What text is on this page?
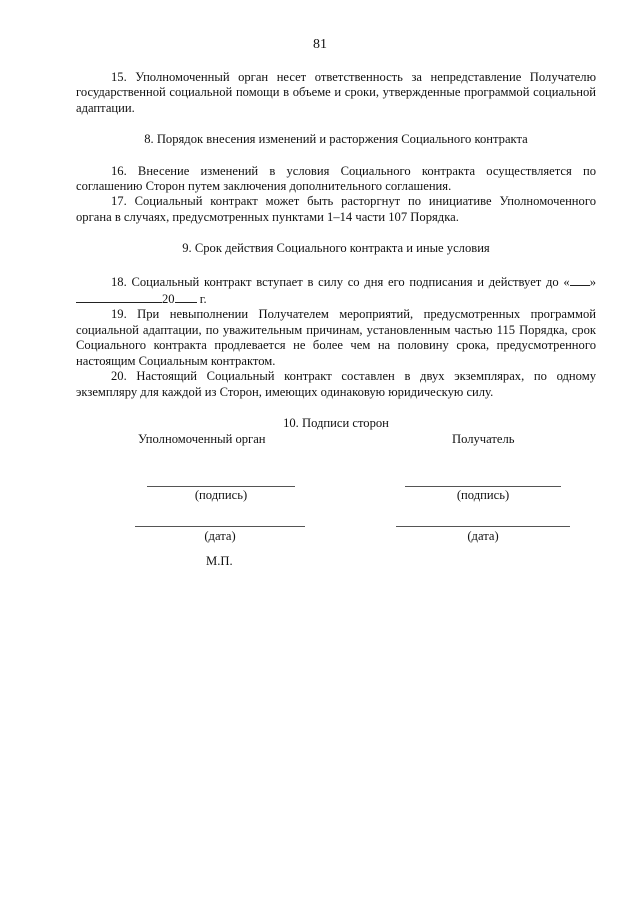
81

15. Уполномоченный орган несет ответственность за непредставление Получателю государственной социальной помощи в объеме и сроки, утвержденные программой социальной адаптации.

8. Порядок внесения изменений и расторжения Социального контракта

16. Внесение изменений в условия Социального контракта осуществляется по соглашению Сторон путем заключения дополнительного соглашения.

17. Социальный контракт может быть расторгнут по инициативе Уполномоченного органа в случаях, предусмотренных пунктами 1–14 части 107 Порядка.

9. Срок действия Социального контракта и иные условия

18. Социальный контракт вступает в силу со дня его подписания и действует до « » 20 г.

19. При невыполнении Получателем мероприятий, предусмотренных программой социальной адаптации, по уважительным причинам, установленным частью 115 Порядка, срок Социального контракта продлевается не более чем на половину срока, предусмотренного настоящим Социальным контрактом.

20. Настоящий Социальный контракт составлен в двух экземплярах, по одному экземпляру для каждой из Сторон, имеющих одинаковую юридическую силу.

10. Подписи сторон

Уполномоченный орган
(подпись)
(дата)
М.П.
Получатель
(подпись)
(дата)
